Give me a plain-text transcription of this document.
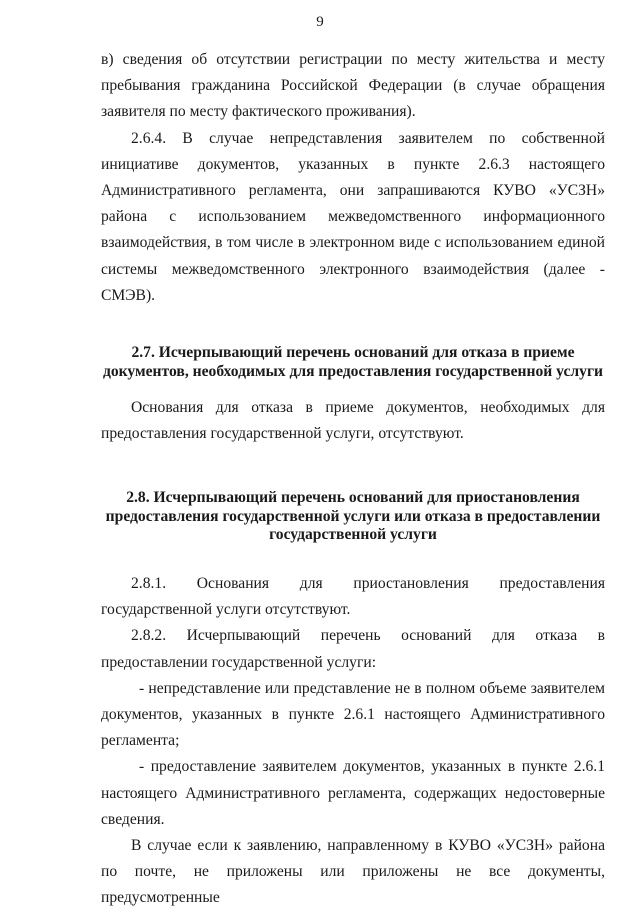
9

в) сведения об отсутствии регистрации по месту жительства и месту пребывания гражданина Российской Федерации (в случае обращения заявителя по месту фактического проживания).

2.6.4. В случае непредставления заявителем по собственной инициативе документов, указанных в пункте 2.6.3 настоящего Административного регламента, они запрашиваются КУВО «УСЗН» района с использованием межведомственного информационного взаимодействия, в том числе в электронном виде с использованием единой системы межведомственного электронного взаимодействия (далее - СМЭВ).

2.7. Исчерпывающий перечень оснований для отказа в приеме документов, необходимых для предоставления государственной услуги

Основания для отказа в приеме документов, необходимых для предоставления государственной услуги, отсутствуют.

2.8. Исчерпывающий перечень оснований для приостановления предоставления государственной услуги или отказа в предоставлении государственной услуги

2.8.1. Основания для приостановления предоставления государственной услуги отсутствуют.

2.8.2. Исчерпывающий перечень оснований для отказа в предоставлении государственной услуги:

- непредставление или представление не в полном объеме заявителем документов, указанных в пункте 2.6.1 настоящего Административного регламента;

- предоставление заявителем документов, указанных в пункте 2.6.1 настоящего Административного регламента, содержащих недостоверные сведения.

В случае если к заявлению, направленному в КУВО «УСЗН» района по почте, не приложены или приложены не все документы, предусмотренные
